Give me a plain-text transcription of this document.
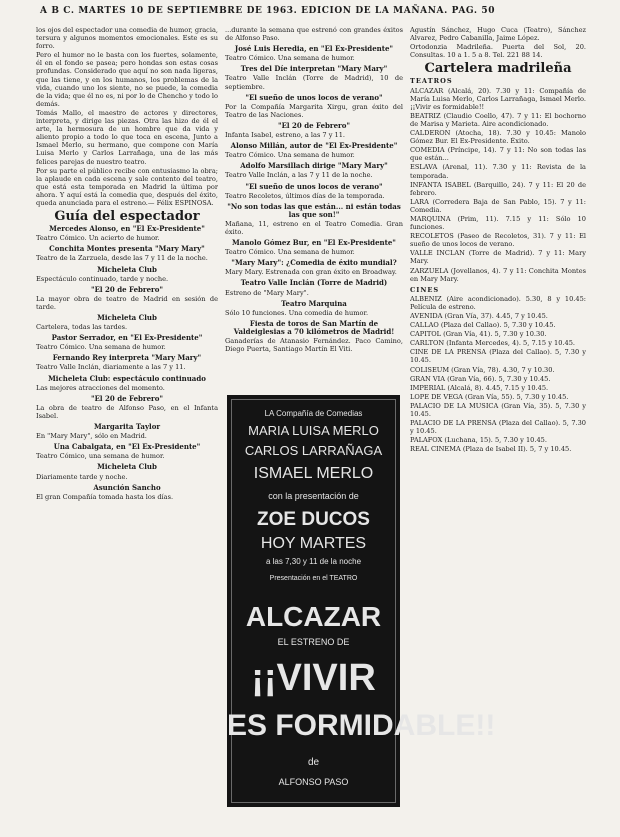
A B C. MARTES 10 DE SEPTIEMBRE DE 1963. EDICION DE LA MAÑANA. PAG. 50

los ojos del espectador una comedia de humor, gracia, tersura y algunos momentos emocionales. Este es su forro.

Pero el humor no le basta con los fuertes, solamente, él en el fondo se pasea; pero hondas son estas cosas profundas. Considerado que aquí no son nada ligeras, que las tiene, y en los humanos, los problemas de la vida, cuando uno los siente, no se puede, la comedia de la vida; que él no es, ni por lo de Chencho y todo lo demás.

Tomás Mallo, el maestro de actores y directores, interpreta, y dirige las piezas. Otra las hizo de él el arte, la hermosura de un hombre que da vida y aliento propio a todo lo que toca en escena, Junto a Ismael Merlo, su hermano, que compone con María Luisa Merlo y Carlos Larrañaga, una de las más felices parejas de nuestro teatro.

Por su parte el público recibe con entusiasmo la obra; la aplaude en cada escena y sale contento del teatro, que está esta temporada en Madrid la última por ahora. Y aquí está la comedia que, después del éxito, queda anunciada para el estreno.— Félix ESPINOSA.

Guía del espectador
Mercedes Alonso, en "El Ex-Presidente"

Teatro Cómico. Un acierto de humor.

Conchita Montes presenta "Mary Mary"

Teatro de la Zarzuela, desde las 7 y 11 de la noche.

Micheleta Club

Espectáculo continuado, tarde y noche.

"El 20 de Febrero"

La mayor obra de teatro de Madrid en sesión de tarde.

Micheleta Club

Cartelera, todas las tardes.

Pastor Serrador, en "El Ex-Presidente"

Teatro Cómico. Una semana de humor.

Fernando Rey interpreta "Mary Mary"

Teatro Valle Inclán, diariamente a las 7 y 11.

Micheleta Club: espectáculo continuado

Las mejores atracciones del momento.

"El 20 de Febrero"

La obra de teatro de Alfonso Paso, en el Infanta Isabel.

Margarita Taylor

En "Mary Mary", sólo en Madrid.

Una Cabalgata, en "El Ex-Presidente"

Teatro Cómico, una semana de humor.

Micheleta Club

Diariamente tarde y noche.

Asunción Sancho

El gran Compañía tomada hasta los días.

...durante la semana que estrenó con grandes éxitos de Alfonso Paso.

José Luis Heredia, en "El Ex-Presidente"

Teatro Cómico. Una semana de humor.

Tres del Díe interpretan "Mary Mary"

Teatro Valle Inclán (Torre de Madrid), 10 de septiembre.

"El sueño de unos locos de verano"

Por la Compañía Margarita Xirgu, gran éxito del Teatro de las Naciones.

"El 20 de Febrero"

Infanta Isabel, estreno, a las 7 y 11.

Alonso Millán, autor de "El Ex-Presidente"

Teatro Cómico. Una semana de humor.

Adolfo Marsillach dirige "Mary Mary"

Teatro Valle Inclán, a las 7 y 11 de la noche.

"El sueño de unos locos de verano"

Teatro Recoletos, últimos días de la temporada.

"No son todas las que están... ni están todas las que son!"

Mañana, 11, estreno en el Teatro Comedia. Gran éxito.

Manolo Gómez Bur, en "El Ex-Presidente"

Teatro Cómico. Una semana de humor.

"Mary Mary": ¿Comedia de éxito mundial?

Mary Mary. Estrenada con gran éxito en Broadway.

Teatro Valle Inclán (Torre de Madrid)

Estreno de "Mary Mary".

Teatro Marquina

Sólo 10 funciones. Una comedia de humor.

Fiesta de toros de San Martín de Valdeiglesias a 70 kilómetros de Madrid!

Ganaderías de Atanasio Fernández. Paco Camino, Diego Puerta, Santiago Martín El Viti.

LA Compañía de Comedias
MARIA LUISA MERLO
CARLOS LARRAÑAGA
ISMAEL MERLO
con la presentación de
ZOE DUCOS
HOY MARTES
a las 7,30 y 11 de la noche
Presentación en el TEATRO
ALCAZAR
EL ESTRENO DE
¡¡VIVIR
ES FORMIDABLE!!
de
ALFONSO PASO

Agustín Sánchez, Hugo Cuca (Teatro), Sánchez Alvarez, Pedro Cabanilla, Jaime López.

Ortodonzia Madrileña. Puerta del Sol, 20. Consultas. 10 a 1. 5 a 8. Tel. 221 88 14.

Cartelera madrileña
TEATROS

ALCAZAR (Alcalá, 20). 7.30 y 11: Compañía de María Luisa Merlo, Carlos Larrañaga, Ismael Merlo. ¡¡Vivir es formidable!!

BEATRIZ (Claudio Coello, 47). 7 y 11: El bochorno de Marisa y Marieta. Aire acondicionado.

CALDERON (Atocha, 18). 7.30 y 10.45: Manolo Gómez Bur. El Ex-Presidente. Éxito.

COMEDIA (Príncipe, 14). 7 y 11: No son todas las que están...

ESLAVA (Arenal, 11). 7.30 y 11: Revista de la temporada.

INFANTA ISABEL (Barquillo, 24). 7 y 11: El 20 de febrero.

LARA (Corredera Baja de San Pablo, 15). 7 y 11: Comedia.

MARQUINA (Prim, 11). 7.15 y 11: Sólo 10 funciones.

RECOLETOS (Paseo de Recoletos, 31). 7 y 11: El sueño de unos locos de verano.

VALLE INCLAN (Torre de Madrid). 7 y 11: Mary Mary.

ZARZUELA (Jovellanos, 4). 7 y 11: Conchita Montes en Mary Mary.

CINES

ALBENIZ (Aire acondicionado). 5.30, 8 y 10.45: Película de estreno.

AVENIDA (Gran Vía, 37). 4.45, 7 y 10.45.

CALLAO (Plaza del Callao). 5, 7.30 y 10.45.

CAPITOL (Gran Vía, 41). 5, 7.30 y 10.30.

CARLTON (Infanta Mercedes, 4). 5, 7.15 y 10.45.

CINE DE LA PRENSA (Plaza del Callao). 5, 7.30 y 10.45.

COLISEUM (Gran Vía, 78). 4.30, 7 y 10.30.

GRAN VIA (Gran Vía, 66). 5, 7.30 y 10.45.

IMPERIAL (Alcalá, 8). 4.45, 7.15 y 10.45.

LOPE DE VEGA (Gran Vía, 55). 5, 7.30 y 10.45.

PALACIO DE LA MUSICA (Gran Vía, 35). 5, 7.30 y 10.45.

PALACIO DE LA PRENSA (Plaza del Callao). 5, 7.30 y 10.45.

PALAFOX (Luchana, 15). 5, 7.30 y 10.45.

REAL CINEMA (Plaza de Isabel II). 5, 7 y 10.45.
